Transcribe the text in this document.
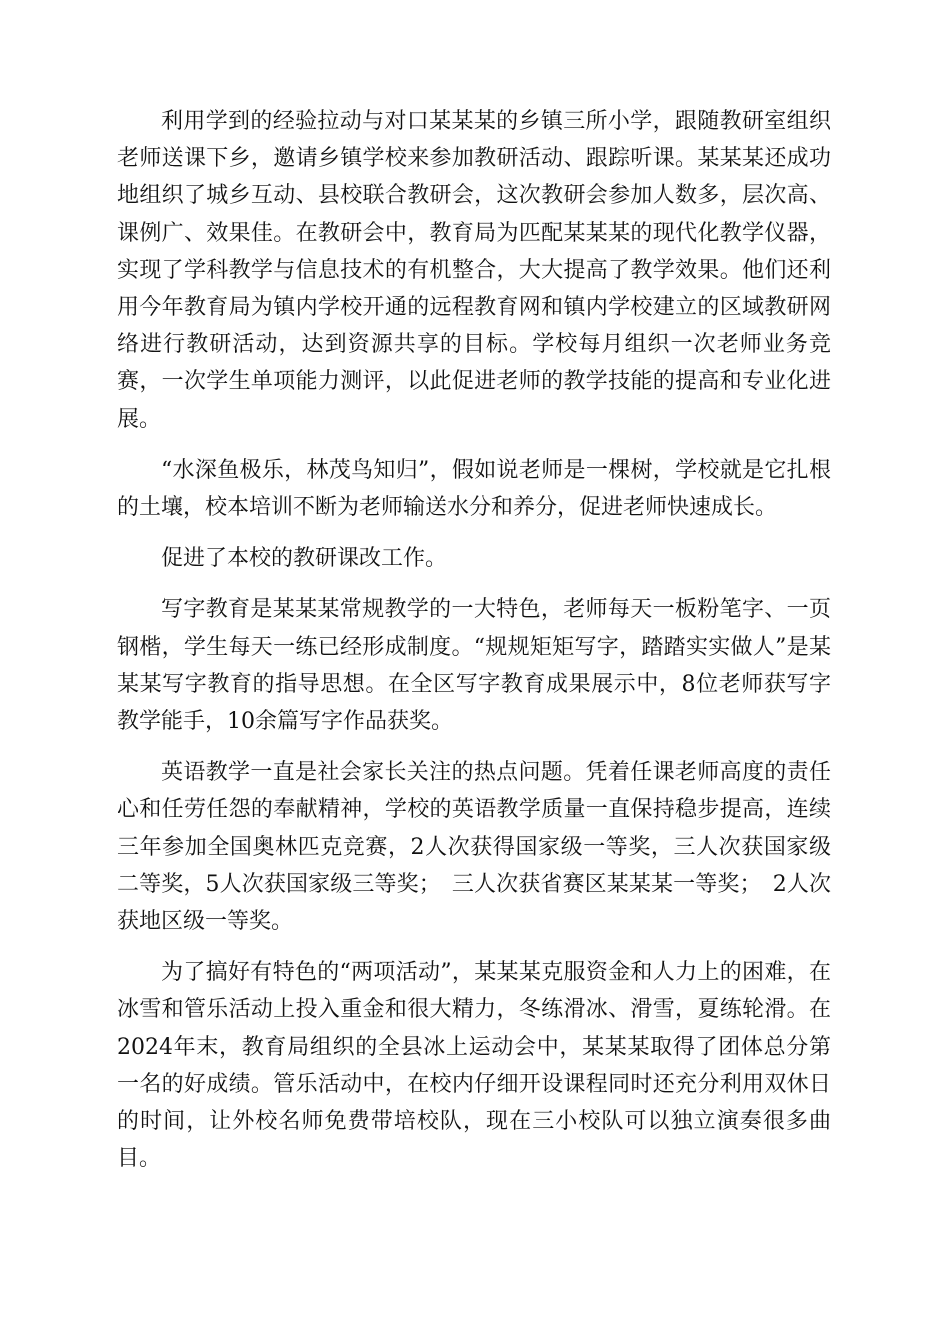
利用学到的经验拉动与对口某某某的乡镇三所小学，跟随教研室组织老师送课下乡，邀请乡镇学校来参加教研活动、跟踪听课。某某某还成功地组织了城乡互动、县校联合教研会，这次教研会参加人数多，层次高、课例广、效果佳。在教研会中，教育局为匹配某某某的现代化教学仪器，实现了学科教学与信息技术的有机整合，大大提高了教学效果。他们还利用今年教育局为镇内学校开通的远程教育网和镇内学校建立的区域教研网络进行教研活动，达到资源共享的目标。学校每月组织一次老师业务竞赛，一次学生单项能力测评，以此促进老师的教学技能的提高和专业化进展。

“水深鱼极乐，林茂鸟知归”，假如说老师是一棵树，学校就是它扎根的土壤，校本培训不断为老师输送水分和养分，促进老师快速成长。

促进了本校的教研课改工作。

写字教育是某某某常规教学的一大特色，老师每天一板粉笔字、一页钢楷，学生每天一练已经形成制度。“规规矩矩写字，踏踏实实做人”是某某某写字教育的指导思想。在全区写字教育成果展示中，8位老师获写字教学能手，10余篇写字作品获奖。

英语教学一直是社会家长关注的热点问题。凭着任课老师高度的责任心和任劳任怨的奉献精神，学校的英语教学质量一直保持稳步提高，连续三年参加全国奥林匹克竞赛，2人次获得国家级一等奖，三人次获国家级二等奖，5人次获国家级三等奖；　三人次获省赛区某某某一等奖；　2人次获地区级一等奖。

为了搞好有特色的“两项活动”，某某某克服资金和人力上的困难，在冰雪和管乐活动上投入重金和很大精力，冬练滑冰、滑雪，夏练轮滑。在2024年末，教育局组织的全县冰上运动会中，某某某取得了团体总分第一名的好成绩。管乐活动中，在校内仔细开设课程同时还充分利用双休日的时间，让外校名师免费带培校队，现在三小校队可以独立演奏很多曲目。
